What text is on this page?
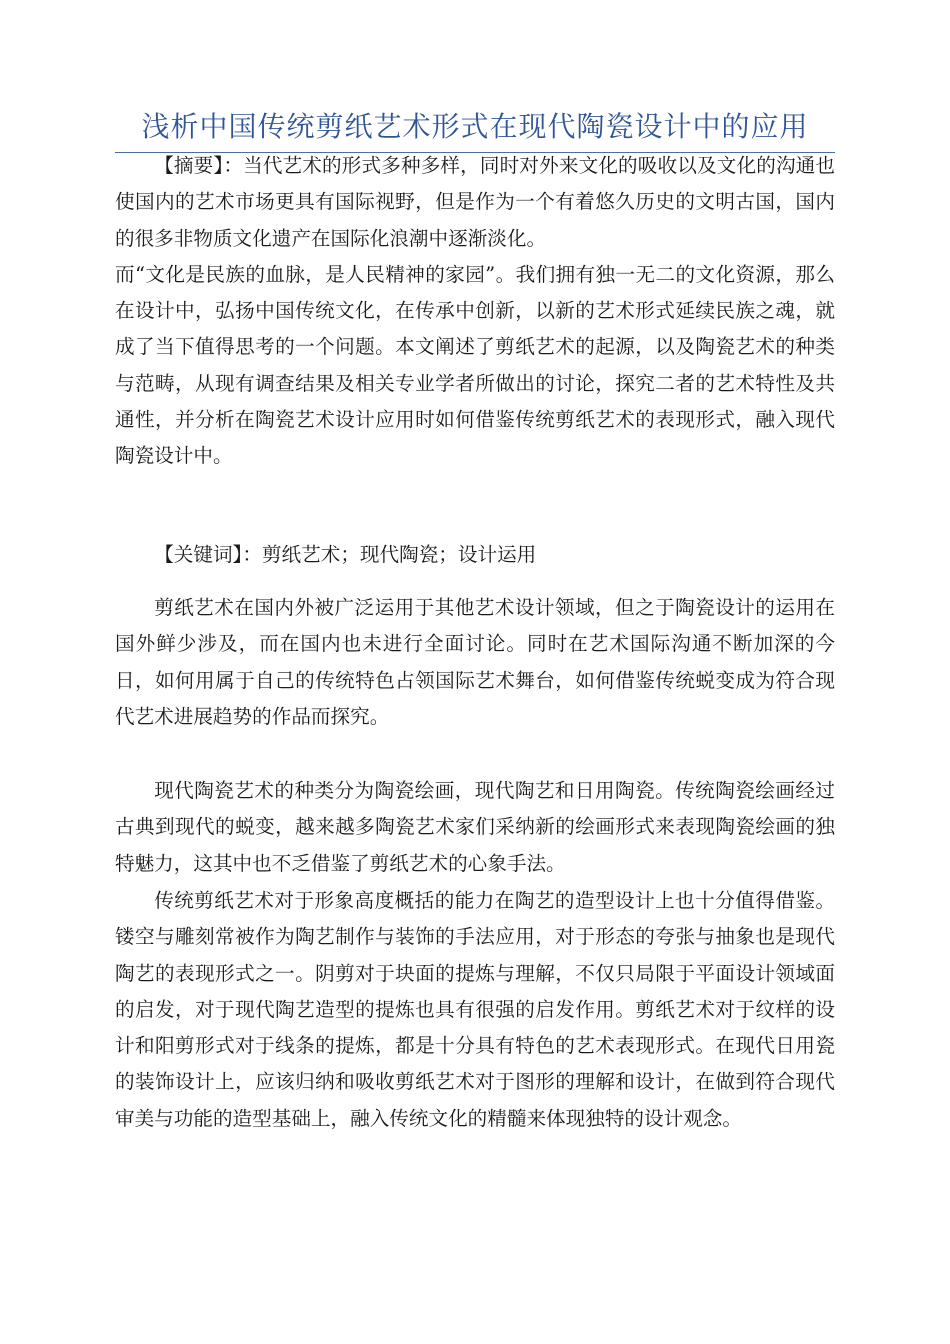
浅析中国传统剪纸艺术形式在现代陶瓷设计中的应用

【摘要】：当代艺术的形式多种多样，同时对外来文化的吸收以及文化的沟通也使国内的艺术市场更具有国际视野，但是作为一个有着悠久历史的文明古国，国内的很多非物质文化遗产在国际化浪潮中逐渐淡化。

而“文化是民族的血脉，是人民精神的家园”。我们拥有独一无二的文化资源，那么在设计中，弘扬中国传统文化，在传承中创新，以新的艺术形式延续民族之魂，就成了当下值得思考的一个问题。本文阐述了剪纸艺术的起源，以及陶瓷艺术的种类与范畴，从现有调查结果及相关专业学者所做出的讨论，探究二者的艺术特性及共通性，并分析在陶瓷艺术设计应用时如何借鉴传统剪纸艺术的表现形式，融入现代陶瓷设计中。

【关键词】：剪纸艺术；现代陶瓷；设计运用

剪纸艺术在国内外被广泛运用于其他艺术设计领域，但之于陶瓷设计的运用在国外鲜少涉及，而在国内也未进行全面讨论。同时在艺术国际沟通不断加深的今日，如何用属于自己的传统特色占领国际艺术舞台，如何借鉴传统蜕变成为符合现代艺术进展趋势的作品而探究。

现代陶瓷艺术的种类分为陶瓷绘画，现代陶艺和日用陶瓷。传统陶瓷绘画经过古典到现代的蜕变，越来越多陶瓷艺术家们采纳新的绘画形式来表现陶瓷绘画的独特魅力，这其中也不乏借鉴了剪纸艺术的心象手法。

传统剪纸艺术对于形象高度概括的能力在陶艺的造型设计上也十分值得借鉴。镂空与雕刻常被作为陶艺制作与装饰的手法应用，对于形态的夸张与抽象也是现代陶艺的表现形式之一。阴剪对于块面的提炼与理解，不仅只局限于平面设计领域面的启发，对于现代陶艺造型的提炼也具有很强的启发作用。剪纸艺术对于纹样的设计和阳剪形式对于线条的提炼，都是十分具有特色的艺术表现形式。在现代日用瓷的装饰设计上，应该归纳和吸收剪纸艺术对于图形的理解和设计，在做到符合现代审美与功能的造型基础上，融入传统文化的精髓来体现独特的设计观念。
